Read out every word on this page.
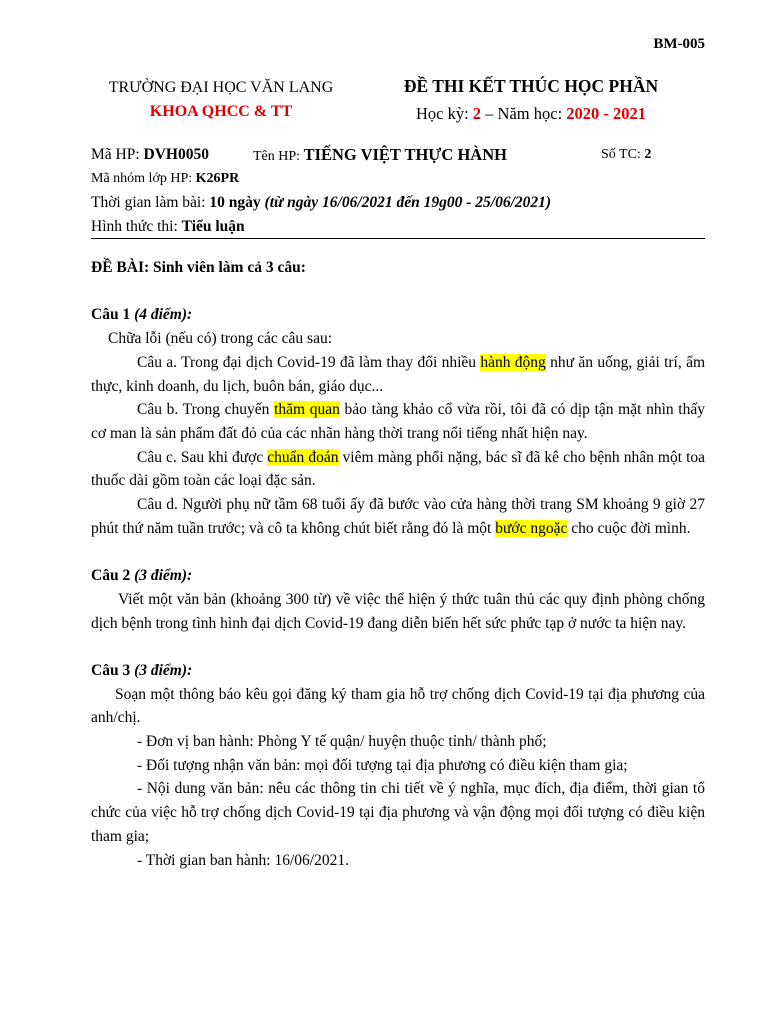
BM-005
TRƯỜNG ĐẠI HỌC VĂN LANG
KHOA QHCC & TT
ĐỀ THI KẾT THÚC HỌC PHẦN
Học kỳ: 2 – Năm học: 2020 - 2021
Mã HP: DVH0050	Tên HP: TIẾNG VIỆT THỰC HÀNH	Số TC: 2
Mã nhóm lớp HP: K26PR
Thời gian làm bài: 10 ngày (từ ngày 16/06/2021 đến 19g00 - 25/06/2021)
Hình thức thi: Tiểu luận

ĐỀ BÀI: Sinh viên làm cả 3 câu:

Câu 1 (4 điểm):

Chữa lỗi (nếu có) trong các câu sau:

Câu a. Trong đại dịch Covid-19 đã làm thay đổi nhiều hành động như ăn uống, giải trí, ẩm thực, kinh doanh, du lịch, buôn bán, giáo dục...

Câu b. Trong chuyến thăm quan bảo tàng khảo cổ vừa rồi, tôi đã có dịp tận mặt nhìn thấy cơ man là sản phẩm đất đỏ của các nhãn hàng thời trang nổi tiếng nhất hiện nay.

Câu c. Sau khi được chuẩn đoán viêm màng phổi nặng, bác sĩ đã kê cho bệnh nhân một toa thuốc dài gồm toàn các loại đặc sản.

Câu d. Người phụ nữ tầm 68 tuổi ấy đã bước vào cửa hàng thời trang SM khoảng 9 giờ 27 phút thứ năm tuần trước; và cô ta không chút biết rằng đó là một bước ngoặc cho cuộc đời mình.

Câu 2 (3 điểm):

Viết một văn bản (khoảng 300 từ) về việc thể hiện ý thức tuân thủ các quy định phòng chống dịch bệnh trong tình hình đại dịch Covid-19 đang diễn biến hết sức phức tạp ở nước ta hiện nay.

Câu 3 (3 điểm):

Soạn một thông báo kêu gọi đăng ký tham gia hỗ trợ chống dịch Covid-19 tại địa phương của anh/chị.

- Đơn vị ban hành: Phòng Y tế quận/ huyện thuộc tỉnh/ thành phố;

- Đối tượng nhận văn bản: mọi đối tượng tại địa phương có điều kiện tham gia;

- Nội dung văn bản: nêu các thông tin chi tiết về ý nghĩa, mục đích, địa điểm, thời gian tổ chức của việc hỗ trợ chống dịch Covid-19 tại địa phương và vận động mọi đối tượng có điều kiện tham gia;

- Thời gian ban hành: 16/06/2021.
